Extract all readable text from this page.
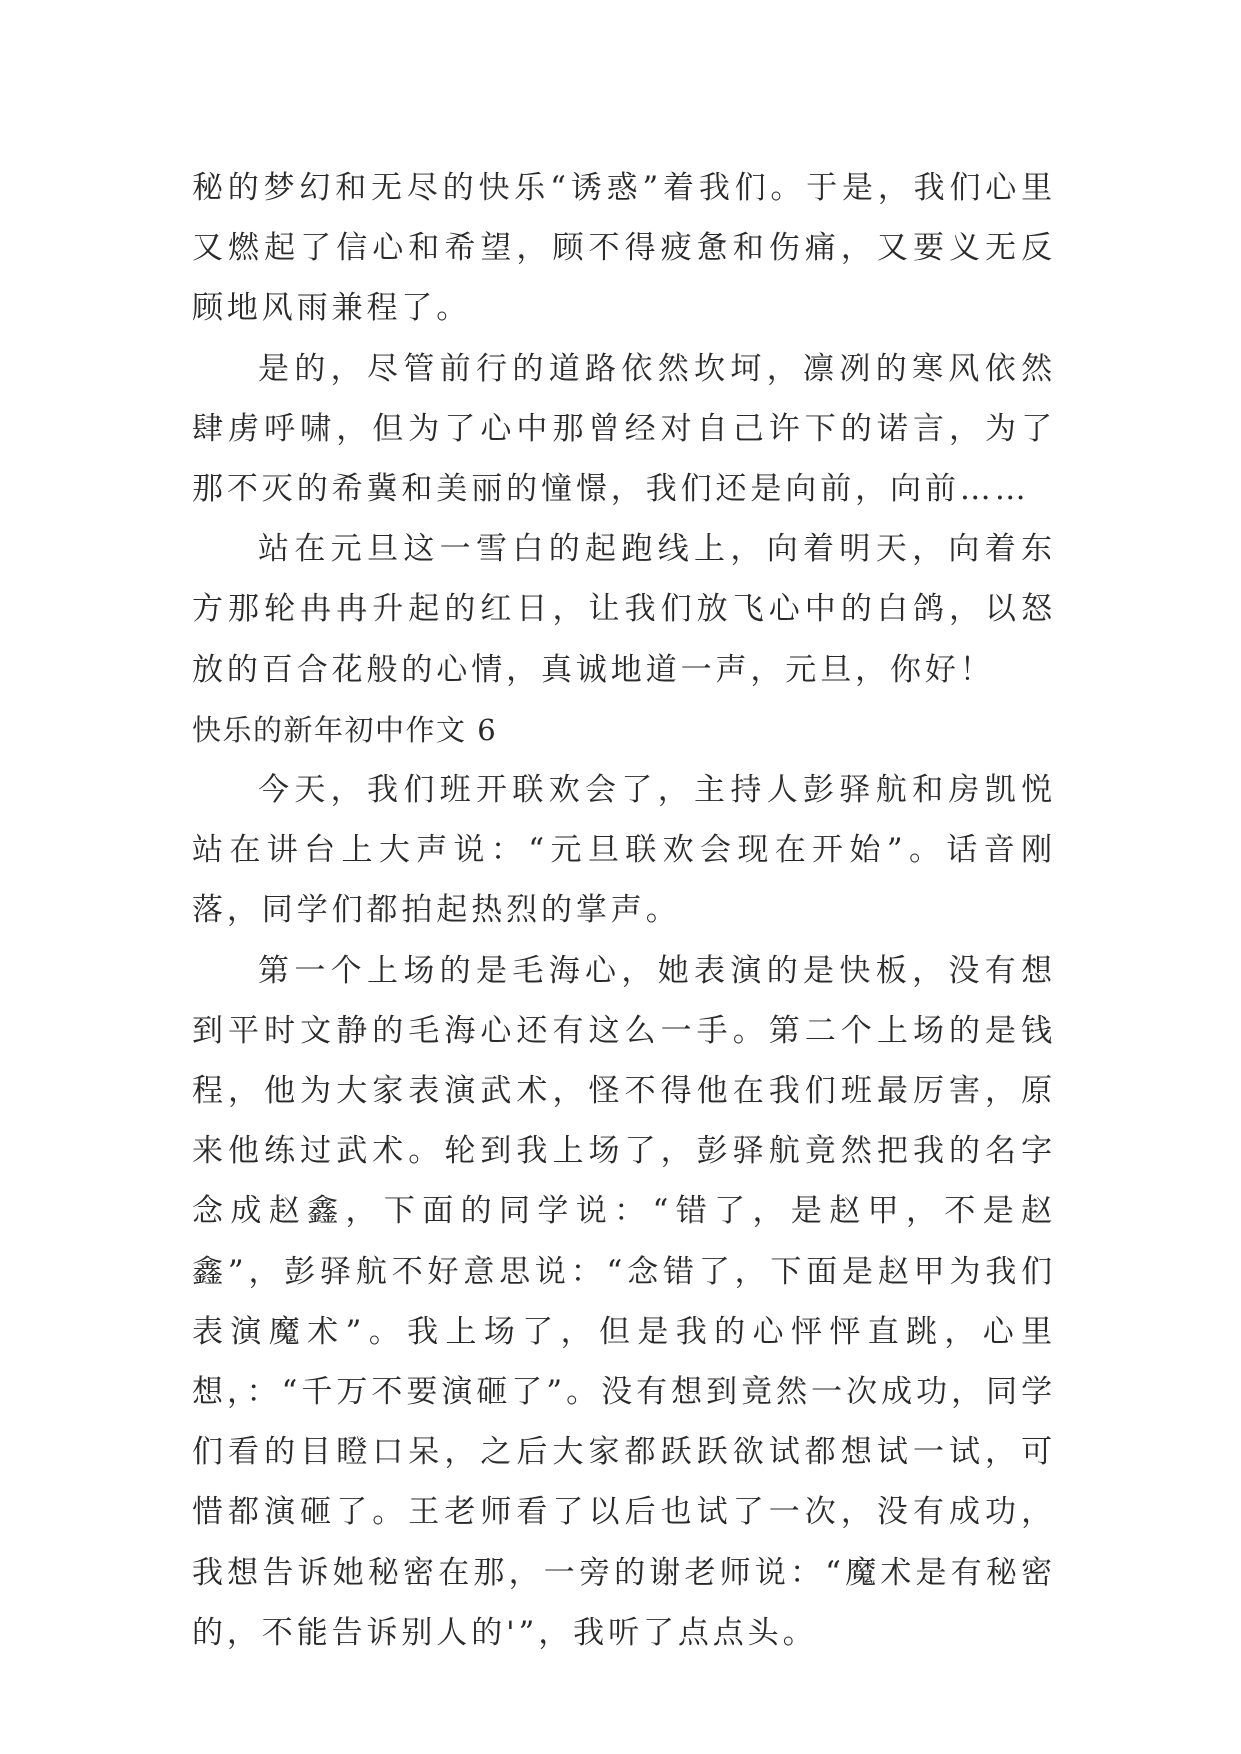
秘的梦幻和无尽的快乐“诱惑”着我们。于是，我们心里又燃起了信心和希望，顾不得疲惫和伤痛，又要义无反顾地风雨兼程了。

是的，尽管前行的道路依然坎坷，凛冽的寒风依然肆虏呼啸，但为了心中那曾经对自己许下的诺言，为了那不灭的希冀和美丽的憧憬，我们还是向前，向前……

站在元旦这一雪白的起跑线上，向着明天，向着东方那轮冉冉升起的红日，让我们放飞心中的白鸽，以怒放的百合花般的心情，真诚地道一声，元旦，你好！

快乐的新年初中作文 6

今天，我们班开联欢会了，主持人彭驿航和房凯悦站在讲台上大声说：“元旦联欢会现在开始”。话音刚落，同学们都拍起热烈的掌声。

第一个上场的是毛海心，她表演的是快板，没有想到平时文静的毛海心还有这么一手。第二个上场的是钱程，他为大家表演武术，怪不得他在我们班最厉害，原来他练过武术。轮到我上场了，彭驿航竟然把我的名字念成赵鑫，下面的同学说：“错了，是赵甲，不是赵鑫”，彭驿航不好意思说：“念错了，下面是赵甲为我们表演魔术”。我上场了，但是我的心怦怦直跳，心里想，：“千万不要演砸了”。没有想到竟然一次成功，同学们看的目瞪口呆，之后大家都跃跃欲试都想试一试，可惜都演砸了。王老师看了以后也试了一次，没有成功，我想告诉她秘密在那，一旁的谢老师说：“魔术是有秘密的，不能告诉别人的'”，我听了点点头。
